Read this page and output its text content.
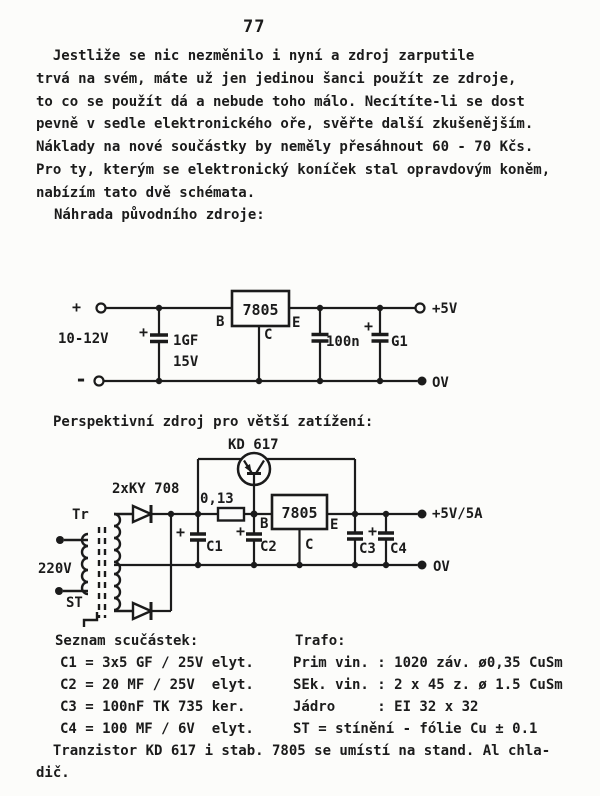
77
Jestliže se nic nezměnilo i nyní a zdroj zarputile
trvá na svém, máte už jen jedinou šanci použít ze zdroje,
to co se použít dá a nebude toho málo. Necítíte-li se dost
pevně v sedle elektronického oře, svěřte další zkušenějším.
Náklady na nové součástky by neměly přesáhnout 60 - 70 Kčs.
Pro ty, kterým se elektronický koníček stal opravdovým koněm,
nabízím tato dvě schémata.
Náhrada původního zdroje:
Perspektivní zdroj pro větší zatížení:
+
10-12V
-
+ 1GF
15V
B
7805
E
C	100n
+
G1
+5V
OV
KD 617
2xKY 708
Tr
220V
ST
0,13
+
C1
+
C2
B
7805
E
C	C3
+
C4
+5V/5A
OV
Seznam scučástek:
C1 = 3x5 GF / 25V elyt.
C2 = 20 MF / 25V  elyt.
C3 = 100nF TK 735 ker.
C4 = 100 MF / 6V  elyt.
Trafo:
Prim vin. : 1020 záv. ø0,35 CuSm
SEk. vin. : 2 x 45 z. ø 1.5 CuSm
Jádro     : EI 32 x 32
ST = stínění - fólie Cu ± 0.1
Tranzistor KD 617 i stab. 7805 se umístí na stand. Al chla-
dič.
